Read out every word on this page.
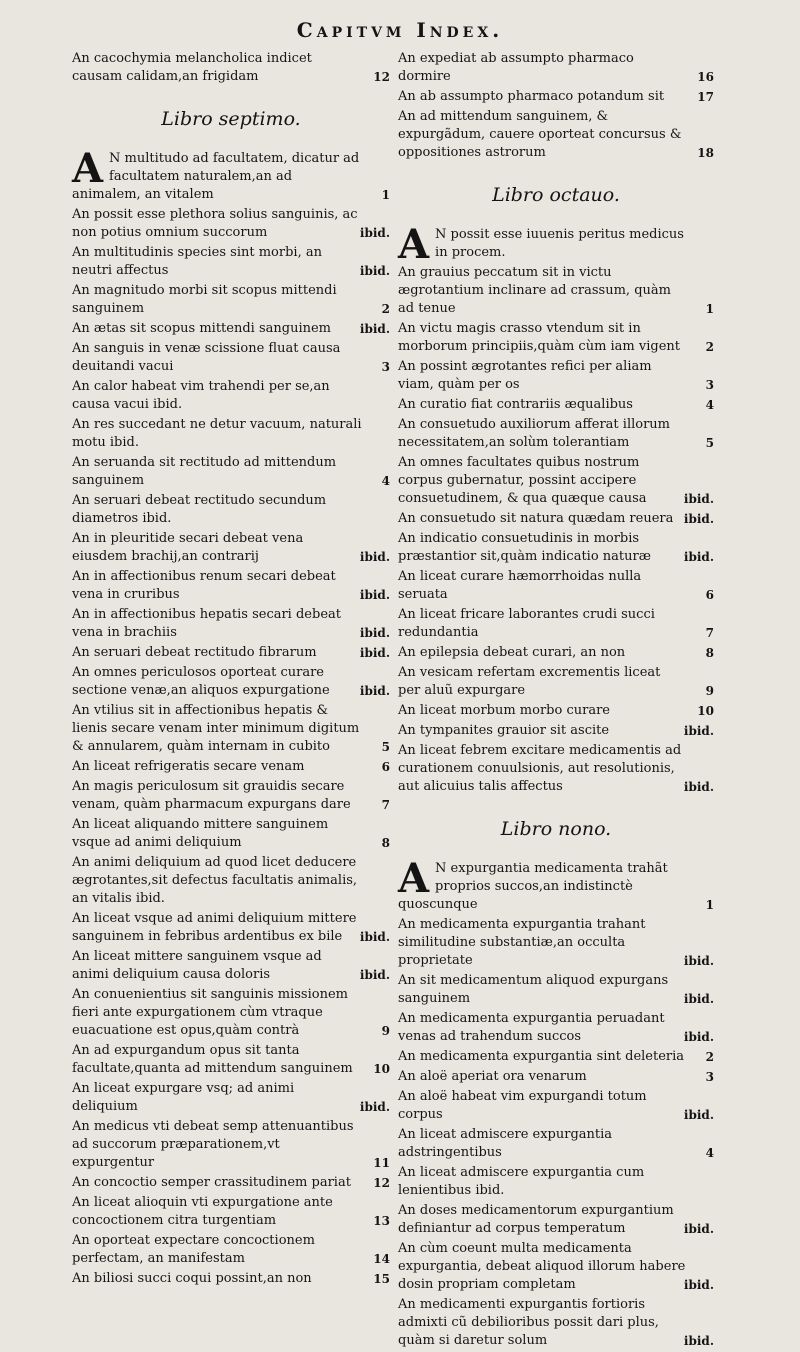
Capitvm Index.

An cacochymia melancholica indicet causam calidam,an frigidam	12

Libro septimo.

A N multitudo ad facultatem, dicatur ad facultatem naturalem,an ad animalem, an vitalem	1

An possit esse plethora solius sanguinis, ac non potius omnium succorum	ibid.

An multitudinis species sint morbi, an neutri affectus	ibid.

An magnitudo morbi sit scopus mittendi sanguinem	2

An ætas sit scopus mittendi sanguinem ibid.

An sanguis in venæ scissione fluat causa deuitandi vacui	3

An calor habeat vim trahendi per se,an causa vacui ibid.

An res succedant ne detur vacuum, naturali motu ibid.

An seruanda sit rectitudo ad mittendum sanguinem	4

An seruari debeat rectitudo secundum diametros ibid.

An in pleuritide secari debeat vena eiusdem brachij,an contrarij	ibid.

An in affectionibus renum secari debeat vena in cruribus	ibid.

An in affectionibus hepatis secari debeat vena in brachiis	ibid.

An seruari debeat rectitudo fibrarum	ibid.

An omnes periculosos oporteat curare sectione venæ,an aliquos expurgatione	ibid.

An vtilius sit in affectionibus hepatis & lienis secare venam inter minimum digitum & annularem, quàm internam in cubito	5

An liceat refrigeratis secare venam	6

An magis periculosum sit grauidis secare venam, quàm pharmacum expurgans dare	7

An liceat aliquando mittere sanguinem vsque ad animi deliquium	8

An animi deliquium ad quod licet deducere ægrotantes,sit defectus facultatis animalis, an vitalis ibid.

An liceat vsque ad animi deliquium mittere sanguinem in febribus ardentibus ex bile ibid.

An liceat mittere sanguinem vsque ad animi deliquium causa doloris	ibid.

An conuenientius sit sanguinis missionem fieri ante expurgationem cùm vtraque euacuatione est opus,quàm contrà	9

An ad expurgandum opus sit tanta facultate,quanta ad mittendum sanguinem 10

An liceat expurgare vsq; ad animi deliquium	ibid.

An medicus vti debeat semp attenuantibus ad succorum præparationem,vt expurgentur	11

An concoctio semper crassitudinem pariat 12

An liceat alioquin vti expurgatione ante concoctionem citra turgentiam	13

An oporteat expectare concoctionem perfectam, an manifestam	14

An biliosi succi coqui possint,an non	15

An expediat ab assumpto pharmaco dormire	16

An ab assumpto pharmaco potandum sit	17

An ad mittendum sanguinem, & expurgãdum, cauere oporteat concursus & oppositiones astrorum	18

Libro octauo.

A N possit esse iuuenis peritus medicus in procem.

An grauius peccatum sit in victu ægrotantium inclinare ad crassum, quàm ad tenue	1

An victu magis crasso vtendum sit in morborum principiis,quàm cùm iam vigent 2

An possint ægrotantes refici per aliam viam, quàm per os	3

An curatio fiat contrariis æqualibus	4

An consuetudo auxiliorum afferat illorum necessitatem,an solùm tolerantiam	5

An omnes facultates quibus nostrum corpus gubernatur, possint accipere consuetudinem, & qua quæque causa	ibid.

An consuetudo sit natura quædam reuera ibid.

An indicatio consuetudinis in morbis præstantior sit,quàm indicatio naturæ	ibid.

An liceat curare hæmorrhoidas nulla seruata	6

An liceat fricare laborantes crudi succi redundantia	7

An epilepsia debeat curari, an non	8

An vesicam refertam excrementis liceat per aluũ expurgare	9

An liceat morbum morbo curare	10

An tympanites grauior sit ascite	ibid.

An liceat febrem excitare medicamentis ad curationem conuulsionis, aut resolutionis, aut alicuius talis affectus	ibid.

Libro nono.

A N expurgantia medicamenta trahãt proprios succos,an indistinctè quoscunque	1

An medicamenta expurgantia trahant similitudine substantiæ,an occulta proprietate	ibid.

An sit medicamentum aliquod expurgans sanguinem	ibid.

An medicamenta expurgantia peruadant venas ad trahendum succos	ibid.

An medicamenta expurgantia sint deleteria 2

An aloë aperiat ora venarum	3

An aloë habeat vim expurgandi totum corpus	ibid.

An liceat admiscere expurgantia adstringentibus	4

An liceat admiscere expurgantia cum lenientibus ibid.

An doses medicamentorum expurgantium definiantur ad corpus temperatum	ibid.

An cùm coeunt multa medicamenta expurgantia, debeat aliquod illorum habere dosin propriam completam	ibid.

An medicamenti expurgantis fortioris admixti cũ debilioribus possit dari plus, quàm si daretur solum	ibid.
